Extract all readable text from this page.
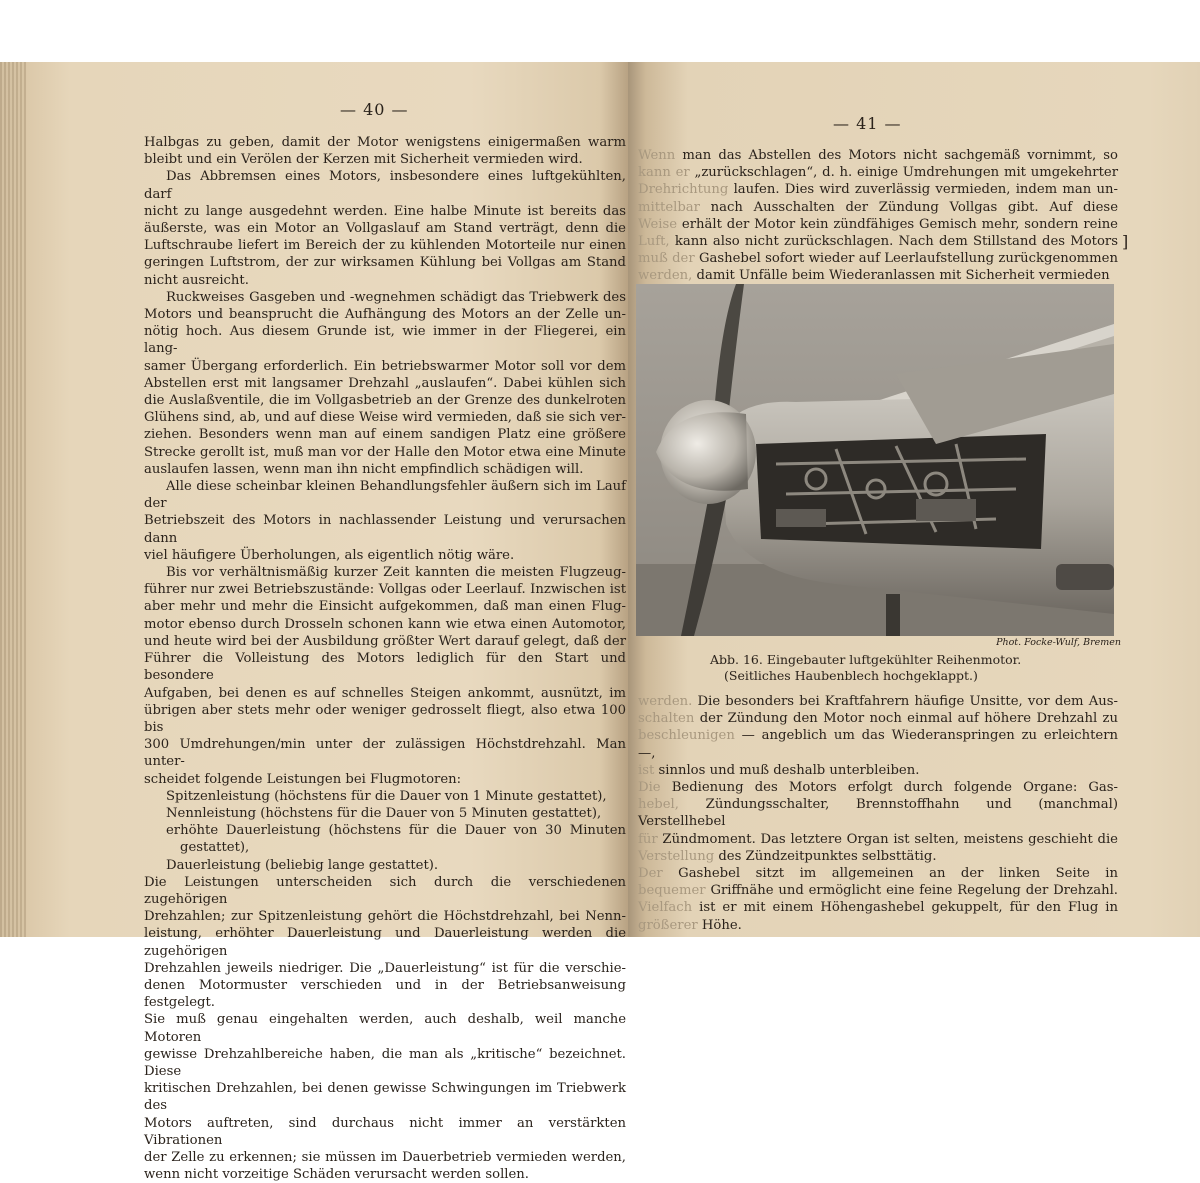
— 40 —

Halbgas zu geben, damit der Motor wenigstens einigermaßen warm

bleibt und ein Verölen der Kerzen mit Sicherheit vermieden wird.

Das Abbremsen eines Motors, insbesondere eines luftgekühlten, darf

nicht zu lange ausgedehnt werden. Eine halbe Minute ist bereits das

äußerste, was ein Motor an Vollgaslauf am Stand verträgt, denn die

Luftschraube liefert im Bereich der zu kühlenden Motorteile nur einen

geringen Luftstrom, der zur wirksamen Kühlung bei Vollgas am Stand

nicht ausreicht.

Ruckweises Gasgeben und -wegnehmen schädigt das Triebwerk des

Motors und beansprucht die Aufhängung des Motors an der Zelle un-

nötig hoch. Aus diesem Grunde ist, wie immer in der Fliegerei, ein lang-

samer Übergang erforderlich. Ein betriebswarmer Motor soll vor dem

Abstellen erst mit langsamer Drehzahl „auslaufen“. Dabei kühlen sich

die Auslaßventile, die im Vollgasbetrieb an der Grenze des dunkelroten

Glühens sind, ab, und auf diese Weise wird vermieden, daß sie sich ver-

ziehen. Besonders wenn man auf einem sandigen Platz eine größere

Strecke gerollt ist, muß man vor der Halle den Motor etwa eine Minute

auslaufen lassen, wenn man ihn nicht empfindlich schädigen will.

Alle diese scheinbar kleinen Behandlungsfehler äußern sich im Lauf der

Betriebszeit des Motors in nachlassender Leistung und verursachen dann

viel häufigere Überholungen, als eigentlich nötig wäre.

Bis vor verhältnismäßig kurzer Zeit kannten die meisten Flugzeug-

führer nur zwei Betriebszustände: Vollgas oder Leerlauf. Inzwischen ist

aber mehr und mehr die Einsicht aufgekommen, daß man einen Flug-

motor ebenso durch Drosseln schonen kann wie etwa einen Automotor,

und heute wird bei der Ausbildung größter Wert darauf gelegt, daß der

Führer die Volleistung des Motors lediglich für den Start und besondere

Aufgaben, bei denen es auf schnelles Steigen ankommt, ausnützt, im

übrigen aber stets mehr oder weniger gedrosselt fliegt, also etwa 100 bis

300 Umdrehungen/min unter der zulässigen Höchstdrehzahl. Man unter-

scheidet folgende Leistungen bei Flugmotoren:

Spitzenleistung (höchstens für die Dauer von 1 Minute gestattet),

Nennleistung (höchstens für die Dauer von 5 Minuten gestattet),

erhöhte Dauerleistung (höchstens für die Dauer von 30 Minuten

gestattet),

Dauerleistung (beliebig lange gestattet).

Die Leistungen unterscheiden sich durch die verschiedenen zugehörigen

Drehzahlen; zur Spitzenleistung gehört die Höchstdrehzahl, bei Nenn-

leistung, erhöhter Dauerleistung und Dauerleistung werden die zugehörigen

Drehzahlen jeweils niedriger. Die „Dauerleistung“ ist für die verschie-

denen Motormuster verschieden und in der Betriebsanweisung festgelegt.

Sie muß genau eingehalten werden, auch deshalb, weil manche Motoren

gewisse Drehzahlbereiche haben, die man als „kritische“ bezeichnet. Diese

kritischen Drehzahlen, bei denen gewisse Schwingungen im Triebwerk des

Motors auftreten, sind durchaus nicht immer an verstärkten Vibrationen

der Zelle zu erkennen; sie müssen im Dauerbetrieb vermieden werden,

wenn nicht vorzeitige Schäden verursacht werden sollen.

— 41 —

Wenn man das Abstellen des Motors nicht sachgemäß vornimmt, so

kann er „zurückschlagen“, d. h. einige Umdrehungen mit umgekehrter

Drehrichtung laufen. Dies wird zuverlässig vermieden, indem man un-

mittelbar nach Ausschalten der Zündung Vollgas gibt. Auf diese

Weise erhält der Motor kein zündfähiges Gemisch mehr, sondern reine

Luft, kann also nicht zurückschlagen. Nach dem Stillstand des Motors

muß der Gashebel sofort wieder auf Leerlaufstellung zurückgenommen

werden, damit Unfälle beim Wiederanlassen mit Sicherheit vermieden

]
Phot. Focke-Wulf, Bremen
Abb. 16. Eingebauter luftgekühlter Reihenmotor.
(Seitliches Haubenblech hochgeklappt.)

werden. Die besonders bei Kraftfahrern häufige Unsitte, vor dem Aus-

schalten der Zündung den Motor noch einmal auf höhere Drehzahl zu

beschleunigen — angeblich um das Wiederanspringen zu erleichtern —,

ist sinnlos und muß deshalb unterbleiben.

Die Bedienung des Motors erfolgt durch folgende Organe: Gas-

hebel, Zündungsschalter, Brennstoffhahn und (manchmal) Verstellhebel

für Zündmoment. Das letztere Organ ist selten, meistens geschieht die

Verstellung des Zündzeitpunktes selbsttätig.

Der Gashebel sitzt im allgemeinen an der linken Seite in

bequemer Griffnähe und ermöglicht eine feine Regelung der Drehzahl.

Vielfach ist er mit einem Höhengashebel gekuppelt, für den Flug in

größerer Höhe.
